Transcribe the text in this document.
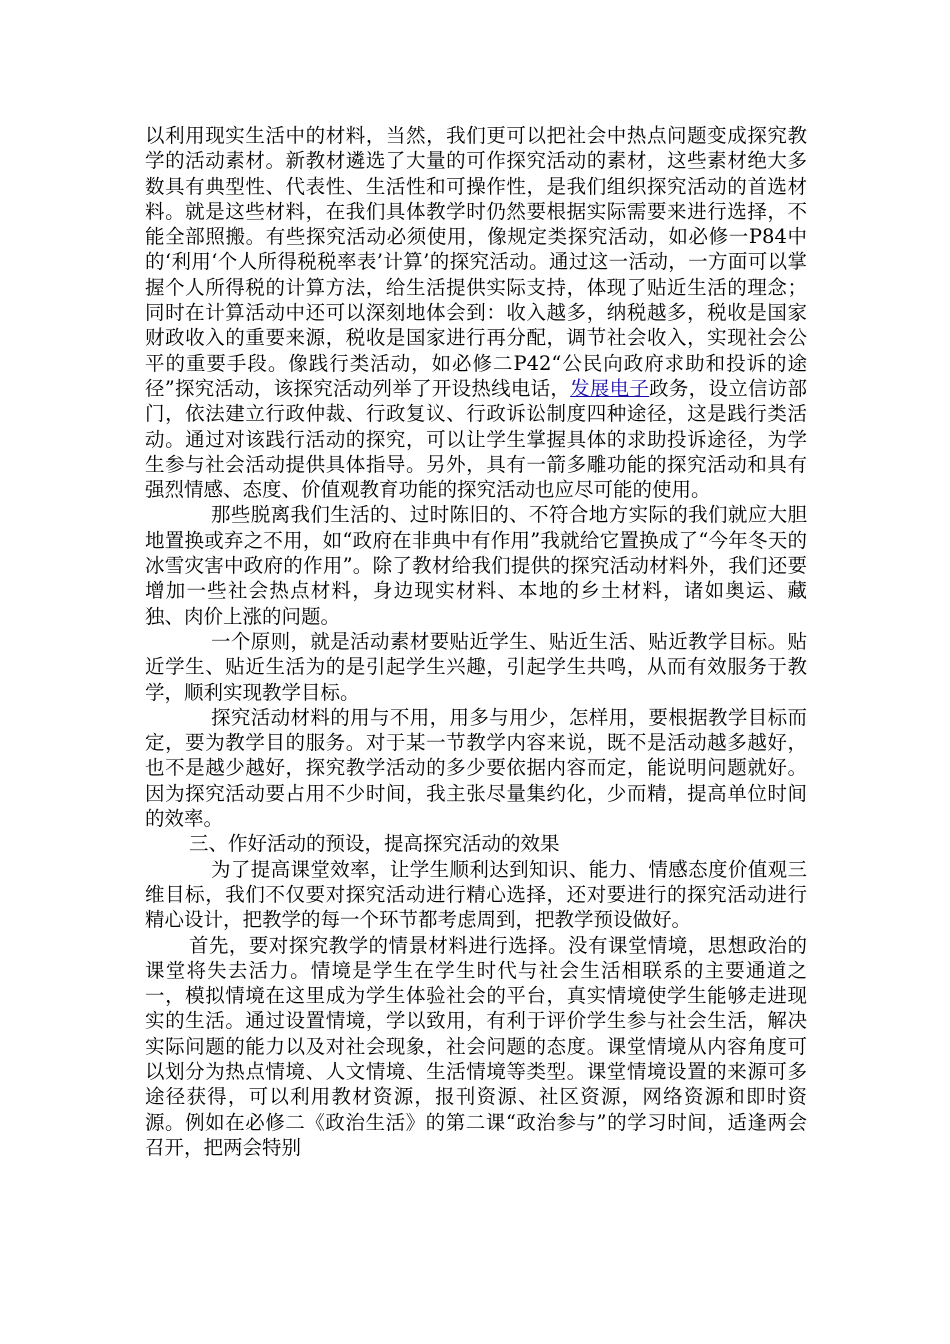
以利用现实生活中的材料，当然，我们更可以把社会中热点问题变成探究教学的活动素材。新教材遴选了大量的可作探究活动的素材，这些素材绝大多数具有典型性、代表性、生活性和可操作性，是我们组织探究活动的首选材料。就是这些材料，在我们具体教学时仍然要根据实际需要来进行选择，不能全部照搬。有些探究活动必须使用，像规定类探究活动，如必修一P84中的‘利用‘个人所得税税率表’计算’的探究活动。通过这一活动，一方面可以掌握个人所得税的计算方法，给生活提供实际支持，体现了贴近生活的理念；同时在计算活动中还可以深刻地体会到：收入越多，纳税越多，税收是国家财政收入的重要来源，税收是国家进行再分配，调节社会收入，实现社会公平的重要手段。像践行类活动，如必修二P42“公民向政府求助和投诉的途径”探究活动，该探究活动列举了开设热线电话，发展电子政务，设立信访部门，依法建立行政仲裁、行政复议、行政诉讼制度四种途径，这是践行类活动。通过对该践行活动的探究，可以让学生掌握具体的求助投诉途径，为学生参与社会活动提供具体指导。另外，具有一箭多雕功能的探究活动和具有强烈情感、态度、价值观教育功能的探究活动也应尽可能的使用。

那些脱离我们生活的、过时陈旧的、不符合地方实际的我们就应大胆地置换或弃之不用，如“政府在非典中有作用”我就给它置换成了“今年冬天的冰雪灾害中政府的作用”。除了教材给我们提供的探究活动材料外，我们还要增加一些社会热点材料，身边现实材料、本地的乡土材料，诸如奥运、藏独、肉价上涨的问题。

一个原则，就是活动素材要贴近学生、贴近生活、贴近教学目标。贴近学生、贴近生活为的是引起学生兴趣，引起学生共鸣，从而有效服务于教学，顺利实现教学目标。

探究活动材料的用与不用，用多与用少，怎样用，要根据教学目标而定，要为教学目的服务。对于某一节教学内容来说，既不是活动越多越好，也不是越少越好，探究教学活动的多少要依据内容而定，能说明问题就好。因为探究活动要占用不少时间，我主张尽量集约化，少而精，提高单位时间的效率。

三、作好活动的预设，提高探究活动的效果

为了提高课堂效率，让学生顺利达到知识、能力、情感态度价值观三维目标，我们不仅要对探究活动进行精心选择，还对要进行的探究活动进行精心设计，把教学的每一个环节都考虑周到，把教学预设做好。

首先，要对探究教学的情景材料进行选择。没有课堂情境，思想政治的课堂将失去活力。情境是学生在学生时代与社会生活相联系的主要通道之一，模拟情境在这里成为学生体验社会的平台，真实情境使学生能够走进现实的生活。通过设置情境，学以致用，有利于评价学生参与社会生活，解决实际问题的能力以及对社会现象，社会问题的态度。课堂情境从内容角度可以划分为热点情境、人文情境、生活情境等类型。课堂情境设置的来源可多途径获得，可以利用教材资源，报刊资源、社区资源，网络资源和即时资源。例如在必修二《政治生活》的第二课“政治参与”的学习时间，适逢两会召开，把两会特别
